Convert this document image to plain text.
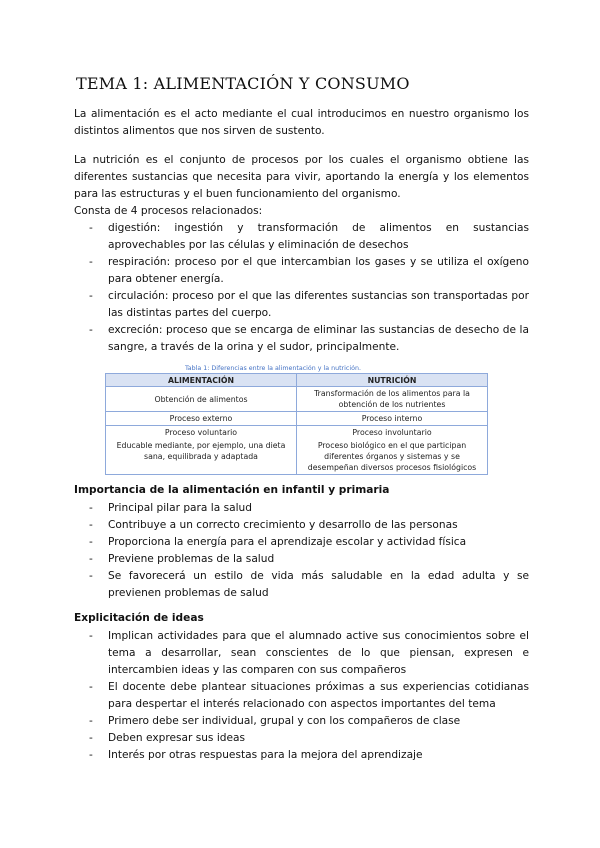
TEMA 1: ALIMENTACIÓN Y CONSUMO
La alimentación es el acto mediante el cual introducimos en nuestro organismo los distintos alimentos que nos sirven de sustento.
La nutrición es el conjunto de procesos por los cuales el organismo obtiene las diferentes sustancias que necesita para vivir, aportando la energía y los elementos para las estructuras y el buen funcionamiento del organismo.
Consta de 4 procesos relacionados:
- digestión: ingestión y transformación de alimentos en sustancias aprovechables por las células y eliminación de desechos
- respiración: proceso por el que intercambian los gases y se utiliza el oxígeno para obtener energía.
- circulación: proceso por el que las diferentes sustancias son transportadas por las distintas partes del cuerpo.
- excreción: proceso que se encarga de eliminar las sustancias de desecho de la sangre, a través de la orina y el sudor, principalmente.
Tabla 1: Diferencias entre la alimentación y la nutrición.
ALIMENTACIÓN	NUTRICIÓN
Obtención de alimentos	Transformación de los alimentos para la obtención de los nutrientes
Proceso externo	Proceso interno
Proceso voluntario	Proceso involuntario
Educable mediante, por ejemplo, una dieta sana, equilibrada y adaptada	Proceso biológico en el que participan diferentes órganos y sistemas y se desempeñan diversos procesos fisiológicos
Importancia de la alimentación en infantil y primaria
- Principal pilar para la salud
- Contribuye a un correcto crecimiento y desarrollo de las personas
- Proporciona la energía para el aprendizaje escolar y actividad física
- Previene problemas de la salud
- Se favorecerá un estilo de vida más saludable en la edad adulta y se previenen problemas de salud
Explicitación de ideas
- Implican actividades para que el alumnado active sus conocimientos sobre el tema a desarrollar, sean conscientes de lo que piensan, expresen e intercambien ideas y las comparen con sus compañeros
- El docente debe plantear situaciones próximas a sus experiencias cotidianas para despertar el interés relacionado con aspectos importantes del tema
- Primero debe ser individual, grupal y con los compañeros de clase
- Deben expresar sus ideas
- Interés por otras respuestas para la mejora del aprendizaje
